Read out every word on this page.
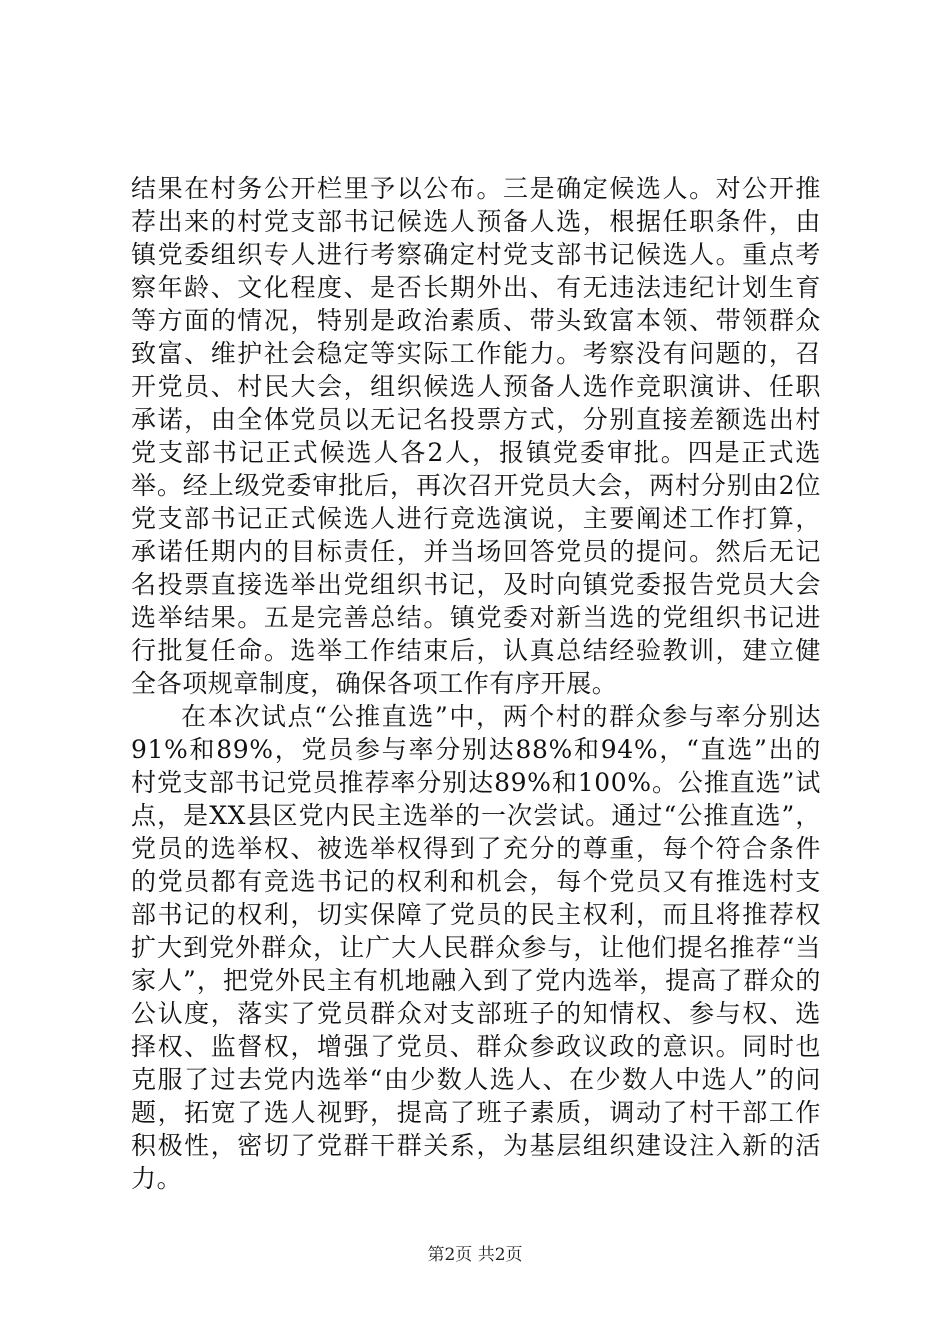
结果在村务公开栏里予以公布。三是确定候选人。对公开推荐出来的村党支部书记候选人预备人选，根据任职条件，由镇党委组织专人进行考察确定村党支部书记候选人。重点考察年龄、文化程度、是否长期外出、有无违法违纪计划生育等方面的情况，特别是政治素质、带头致富本领、带领群众致富、维护社会稳定等实际工作能力。考察没有问题的，召开党员、村民大会，组织候选人预备人选作竞职演讲、任职承诺，由全体党员以无记名投票方式，分别直接差额选出村党支部书记正式候选人各2人，报镇党委审批。四是正式选举。经上级党委审批后，再次召开党员大会，两村分别由2位党支部书记正式候选人进行竞选演说，主要阐述工作打算，承诺任期内的目标责任，并当场回答党员的提问。然后无记名投票直接选举出党组织书记，及时向镇党委报告党员大会选举结果。五是完善总结。镇党委对新当选的党组织书记进行批复任命。选举工作结束后，认真总结经验教训，建立健全各项规章制度，确保各项工作有序开展。

在本次试点“公推直选”中，两个村的群众参与率分别达91%和89%，党员参与率分别达88%和94%，“直选”出的村党支部书记党员推荐率分别达89%和100%。公推直选”试点，是XX县区党内民主选举的一次尝试。通过“公推直选”，党员的选举权、被选举权得到了充分的尊重，每个符合条件的党员都有竞选书记的权利和机会，每个党员又有推选村支部书记的权利，切实保障了党员的民主权利，而且将推荐权扩大到党外群众，让广大人民群众参与，让他们提名推荐“当家人”，把党外民主有机地融入到了党内选举，提高了群众的公认度，落实了党员群众对支部班子的知情权、参与权、选择权、监督权，增强了党员、群众参政议政的意识。同时也克服了过去党内选举“由少数人选人、在少数人中选人”的问题，拓宽了选人视野，提高了班子素质，调动了村干部工作积极性，密切了党群干群关系，为基层组织建设注入新的活力。

第2页 共2页
